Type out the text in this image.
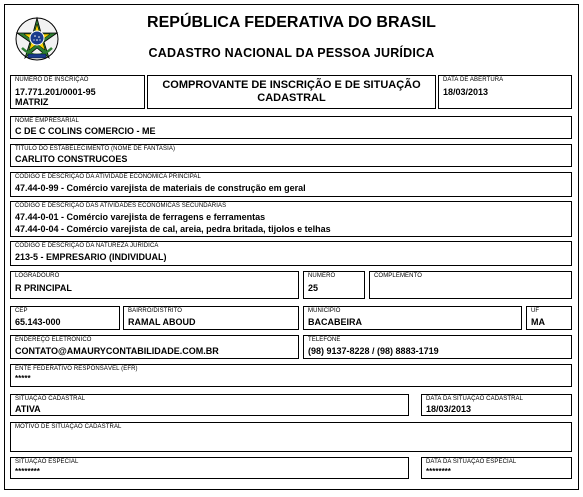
REPÚBLICA FEDERATIVA DO BRASIL
CADASTRO NACIONAL DA PESSOA JURÍDICA
NÚMERO DE INSCRIÇÃO
17.771.201/0001-95
MATRIZ
COMPROVANTE DE INSCRIÇÃO E DE SITUAÇÃO
CADASTRAL
DATA DE ABERTURA
18/03/2013
NOME EMPRESARIAL
C DE C COLINS COMERCIO - ME
TÍTULO DO ESTABELECIMENTO (NOME DE FANTASIA)
CARLITO CONSTRUCOES
CÓDIGO E DESCRIÇÃO DA ATIVIDADE ECONÔMICA PRINCIPAL
47.44-0-99 - Comércio varejista de materiais de construção em geral
CÓDIGO E DESCRIÇÃO DAS ATIVIDADES ECONÔMICAS SECUNDÁRIAS
47.44-0-01 - Comércio varejista de ferragens e ferramentas
47.44-0-04 - Comércio varejista de cal, areia, pedra britada, tijolos e telhas
CÓDIGO E DESCRIÇÃO DA NATUREZA JURÍDICA
213-5 - EMPRESARIO (INDIVIDUAL)
LOGRADOURO
R PRINCIPAL
NÚMERO
25
COMPLEMENTO
CEP
65.143-000
BAIRRO/DISTRITO
RAMAL ABOUD
MUNICÍPIO
BACABEIRA
UF
MA
ENDEREÇO ELETRÔNICO
CONTATO@AMAURYCONTABILIDADE.COM.BR
TELEFONE
(98) 9137-8228 / (98) 8883-1719
ENTE FEDERATIVO RESPONSÁVEL (EFR)
*****
SITUAÇÃO CADASTRAL
ATIVA
DATA DA SITUAÇÃO CADASTRAL
18/03/2013
MOTIVO DE SITUAÇÃO CADASTRAL
SITUAÇÃO ESPECIAL
********
DATA DA SITUAÇÃO ESPECIAL
********
